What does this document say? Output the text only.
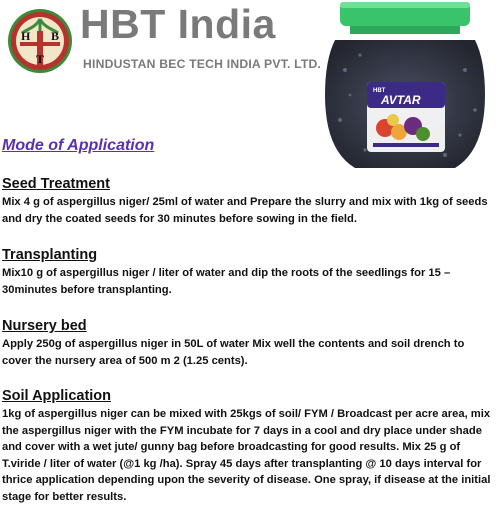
H B
T
HBT India
HINDUSTAN BEC TECH INDIA PVT. LTD.
HBT
AVTAR
Mode of Application
Seed Treatment

Mix 4 g of aspergillus niger/ 25ml of water and Prepare the slurry and mix with 1kg of seeds and dry the coated seeds for 30 minutes before sowing in the field.

Transplanting

Mix10 g of aspergillus niger / liter of water and dip the roots of the seedlings for 15 – 30minutes before transplanting.

Nursery bed

Apply 250g of aspergillus niger in 50L of water Mix well the contents and soil drench to cover the nursery area of 500 m 2 (1.25 cents).

Soil Application

1kg of aspergillus niger can be mixed with 25kgs of soil/ FYM / Broadcast per acre area, mix the aspergillus niger with the FYM incubate for 7 days in a cool and dry place under shade and cover with a wet jute/ gunny bag before broadcasting for good results. Mix 25 g of T.viride / liter of water (@1 kg /ha). Spray 45 days after transplanting @ 10 days interval for thrice application depending upon the severity of disease. One spray, if disease at the initial stage for better results.
